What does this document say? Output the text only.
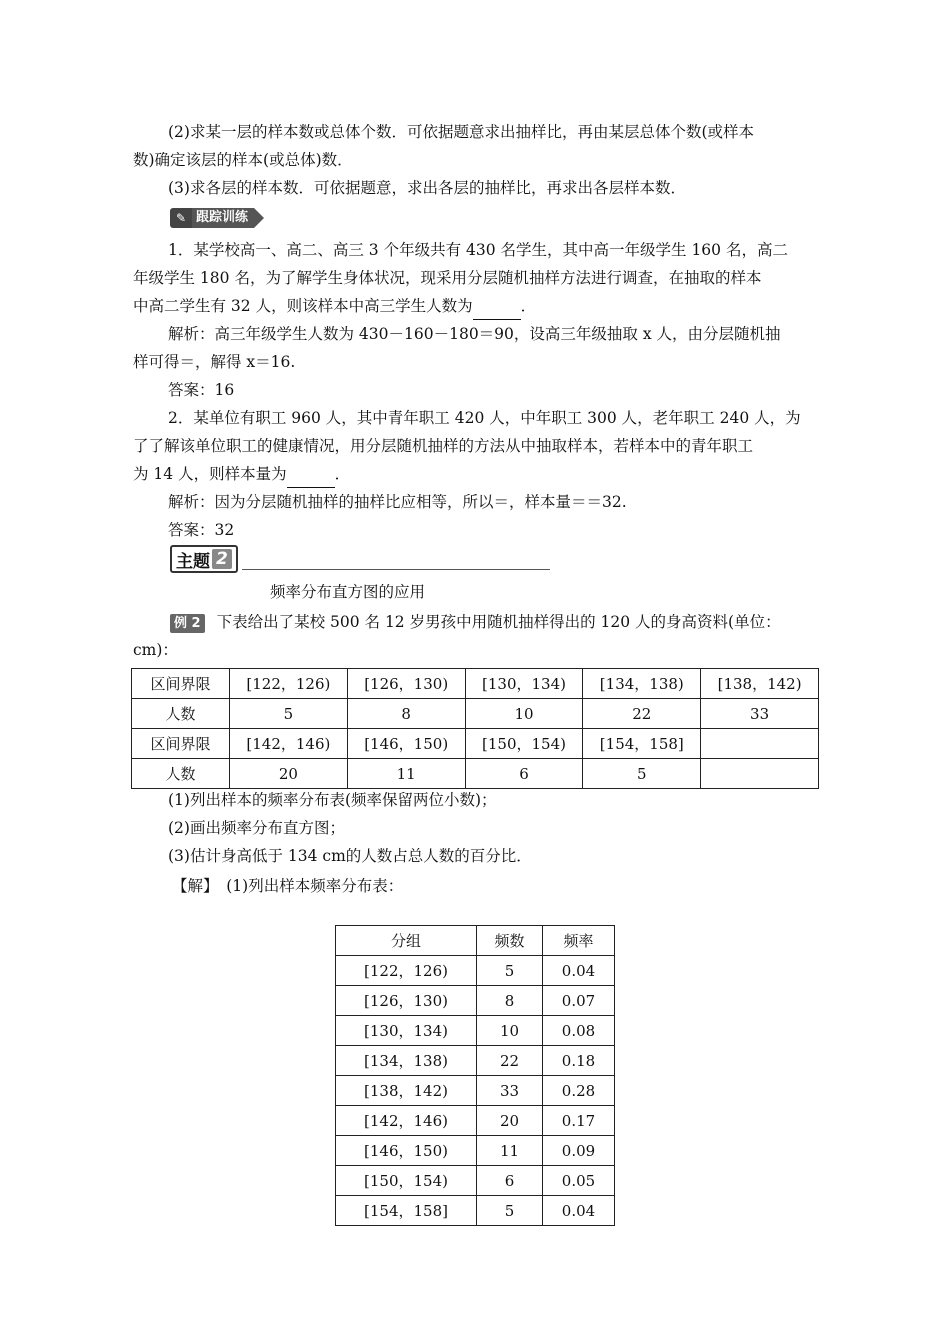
(2)求某一层的样本数或总体个数．可依据题意求出抽样比，再由某层总体个数(或样本
数)确定该层的样本(或总体)数．
(3)求各层的样本数．可依据题意，求出各层的抽样比，再求出各层样本数．
✎ 跟踪训练
1．某学校高一、高二、高三 3 个年级共有 430 名学生，其中高一年级学生 160 名，高二
年级学生 180 名，为了解学生身体状况，现采用分层随机抽样方法进行调查，在抽取的样本
中高二学生有 32 人，则该样本中高三学生人数为	．
解析：高三年级学生人数为 430－160－180＝90，设高三年级抽取 x 人，由分层随机抽
样可得＝，解得 x＝16.
答案：16
2．某单位有职工 960 人，其中青年职工 420 人，中年职工 300 人，老年职工 240 人，为
了了解该单位职工的健康情况，用分层随机抽样的方法从中抽取样本，若样本中的青年职工
为 14 人，则样本量为	．
解析：因为分层随机抽样的抽样比应相等，所以＝，样本量＝＝32.
答案：32
主题 2
频率分布直方图的应用
例 2 下表给出了某校 500 名 12 岁男孩中用随机抽样得出的 120 人的身高资料(单位：
cm)：
区间界限	[122，126)	[126，130)	[130，134)	[134，138)	[138，142)
人数	5	8	10	22	33
区间界限	[142，146)	[146，150)	[150，154)	[154，158]	
人数	20	11	6	5	
(1)列出样本的频率分布表(频率保留两位小数)；
(2)画出频率分布直方图；
(3)估计身高低于 134 cm的人数占总人数的百分比．
【解】　(1)列出样本频率分布表：
分组	频数	频率
[122，126)	5	0.04
[126，130)	8	0.07
[130，134)	10	0.08
[134，138)	22	0.18
[138，142)	33	0.28
[142，146)	20	0.17
[146，150)	11	0.09
[150，154)	6	0.05
[154，158]	5	0.04
